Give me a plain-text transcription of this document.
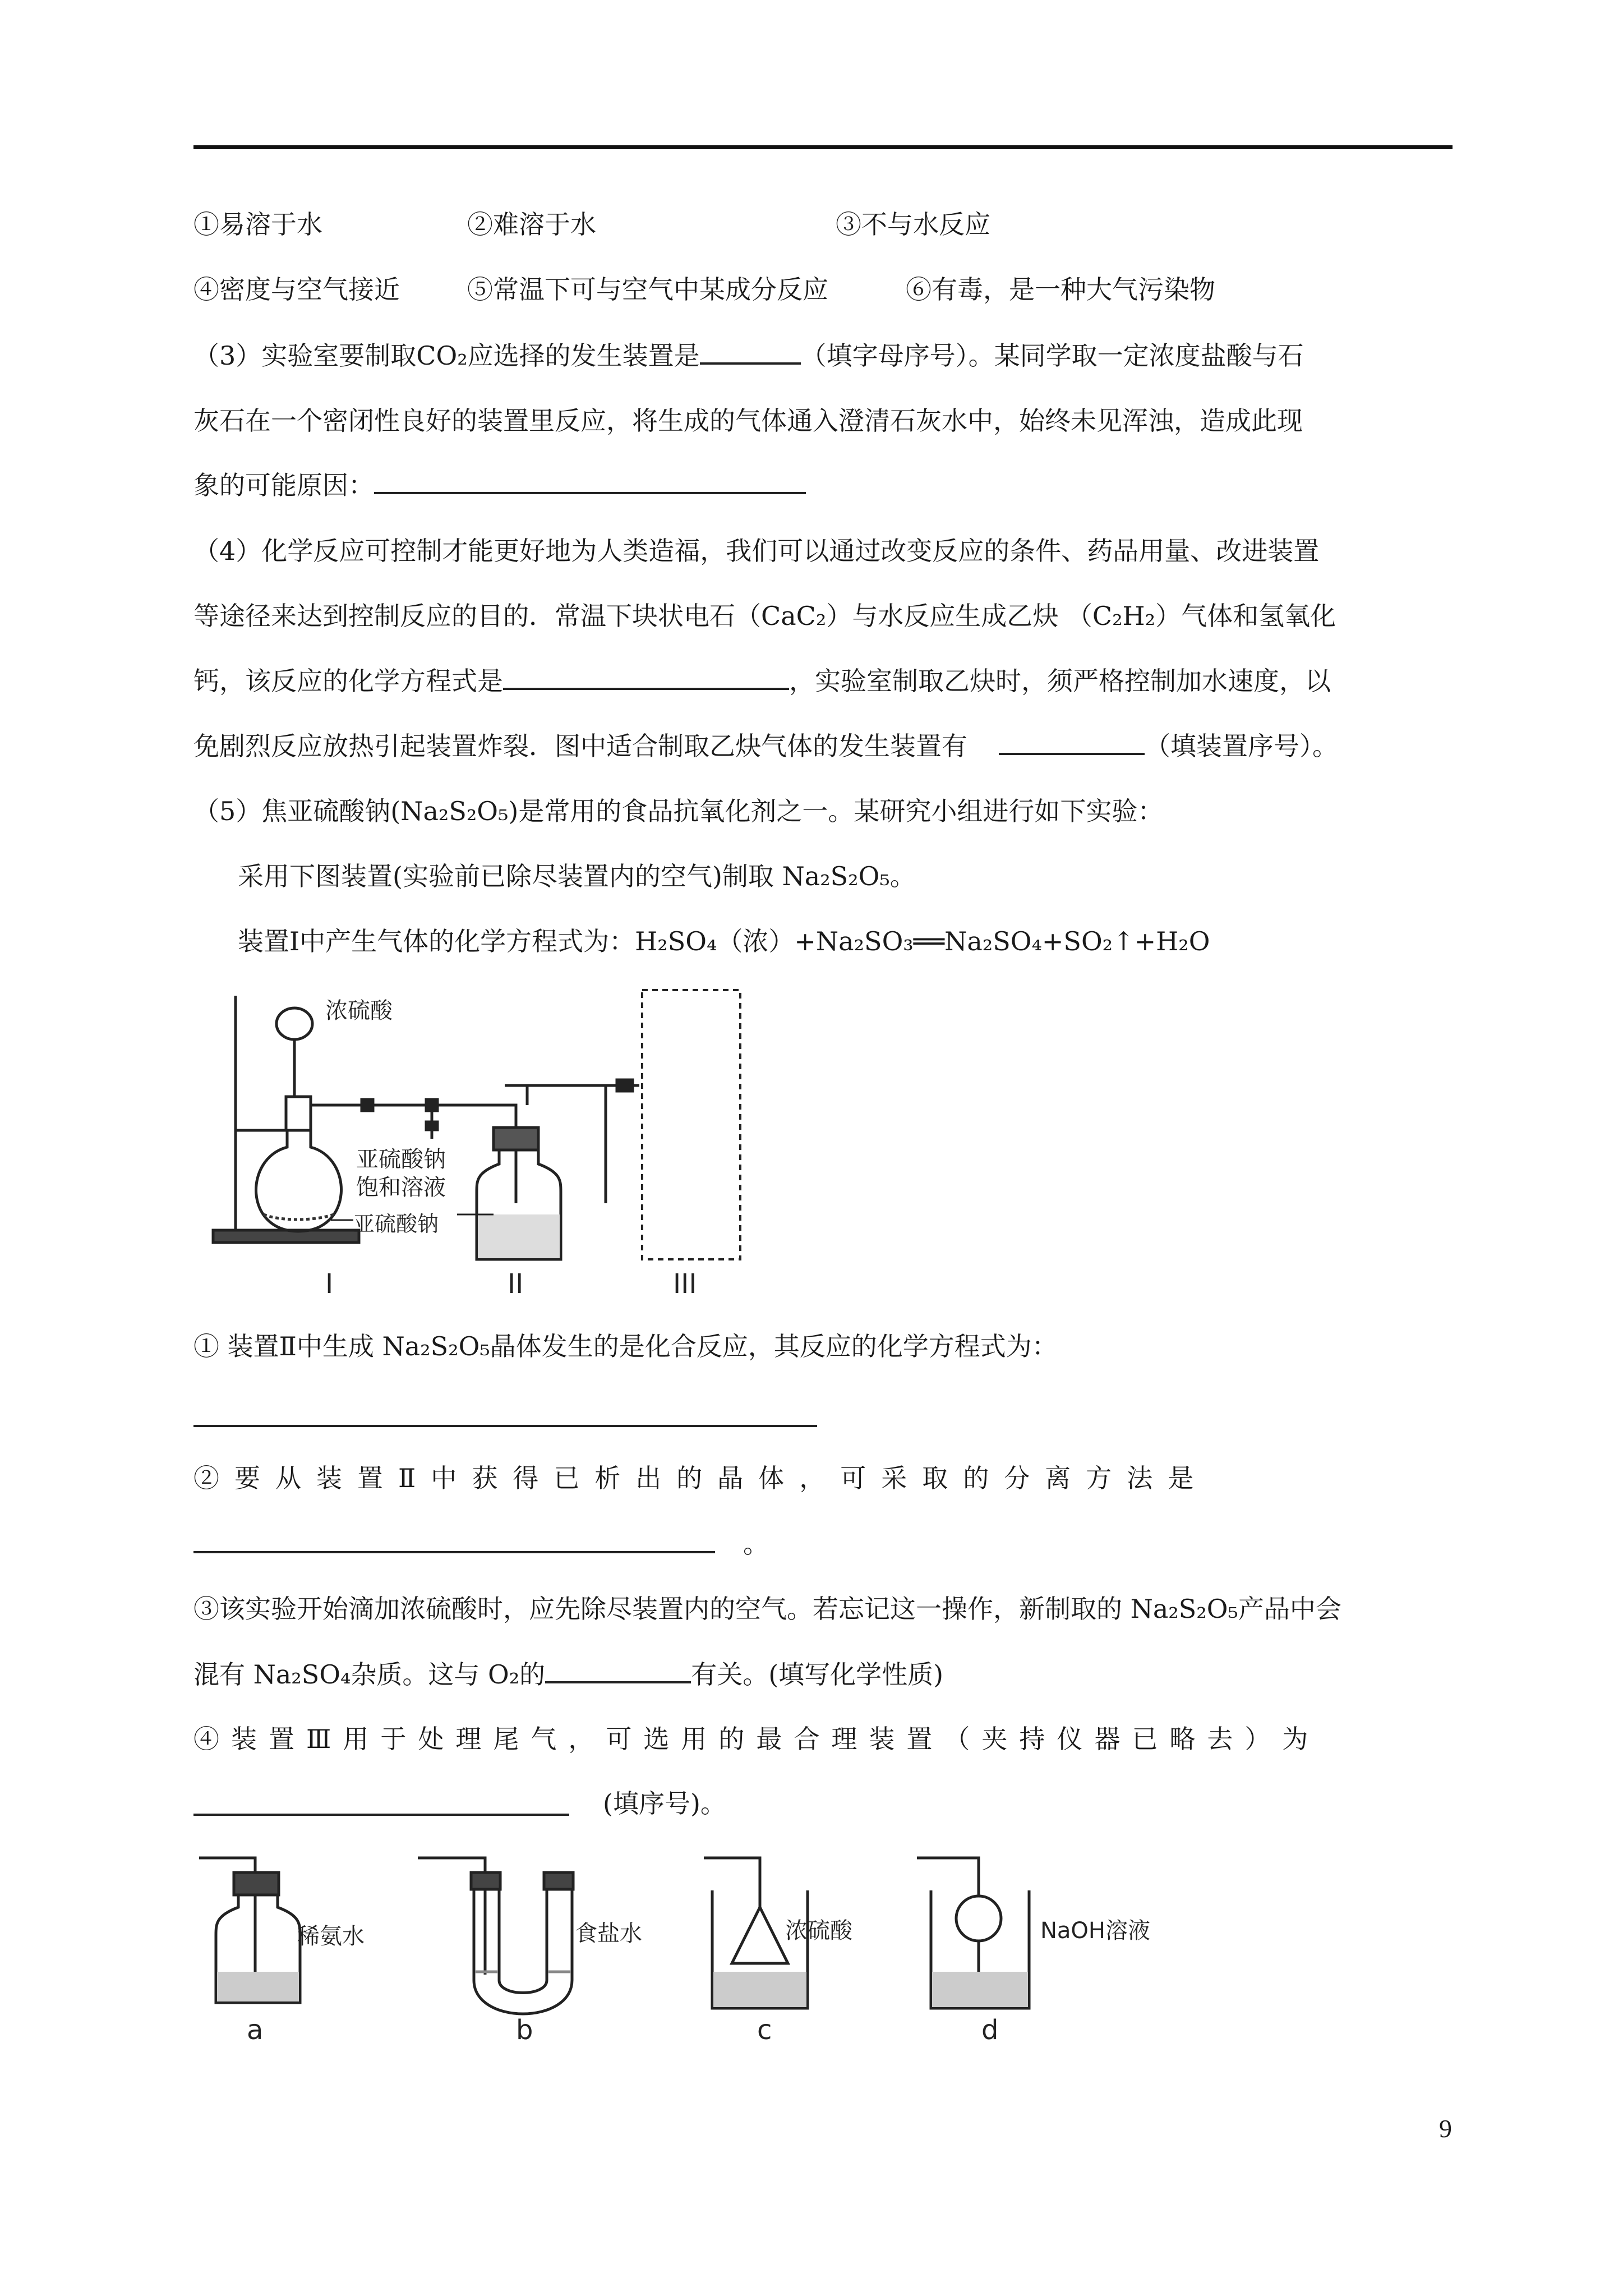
①易溶于水	②难溶于水	③不与水反应
④密度与空气接近	⑤常温下可与空气中某成分反应	⑥有毒，是一种大气污染物
（3）实验室要制取CO₂应选择的发生装置是	（填字母序号）。某同学取一定浓度盐酸与石
灰石在一个密闭性良好的装置里反应，将生成的气体通入澄清石灰水中，始终未见浑浊，造成此现
象的可能原因：
（4）化学反应可控制才能更好地为人类造福，我们可以通过改变反应的条件、药品用量、改进装置
等途径来达到控制反应的目的．常温下块状电石（CaC₂）与水反应生成乙炔 （C₂H₂）气体和氢氧化
钙，该反应的化学方程式是	，实验室制取乙炔时，须严格控制加水速度，以
免剧烈反应放热引起装置炸裂．图中适合制取乙炔气体的发生装置有	（填装置序号）。
（5）焦亚硫酸钠(Na₂S₂O₅)是常用的食品抗氧化剂之一。某研究小组进行如下实验：
采用下图装置(实验前已除尽装置内的空气)制取 Na₂S₂O₅。
装置Ⅰ中产生气体的化学方程式为：H₂SO₄（浓）+Na₂SO₃══Na₂SO₄+SO₂↑+H₂O
浓硫酸
亚硫酸钠
亚硫酸钠
饱和溶液
I	II	III
① 装置Ⅱ中生成 Na₂S₂O₅晶体发生的是化合反应，其反应的化学方程式为：
②要从装置Ⅱ中获得已析出的晶体，可采取的分离方法是
。
③该实验开始滴加浓硫酸时，应先除尽装置内的空气。若忘记这一操作，新制取的 Na₂S₂O₅产品中会
混有 Na₂SO₄杂质。这与 O₂的	有关。(填写化学性质)
④装置Ⅲ用于处理尾气，可选用的最合理装置（夹持仪器已略去）为
(填序号)。
稀氨水	食盐水	浓硫酸	NaOH溶液
a	b	c	d
9
